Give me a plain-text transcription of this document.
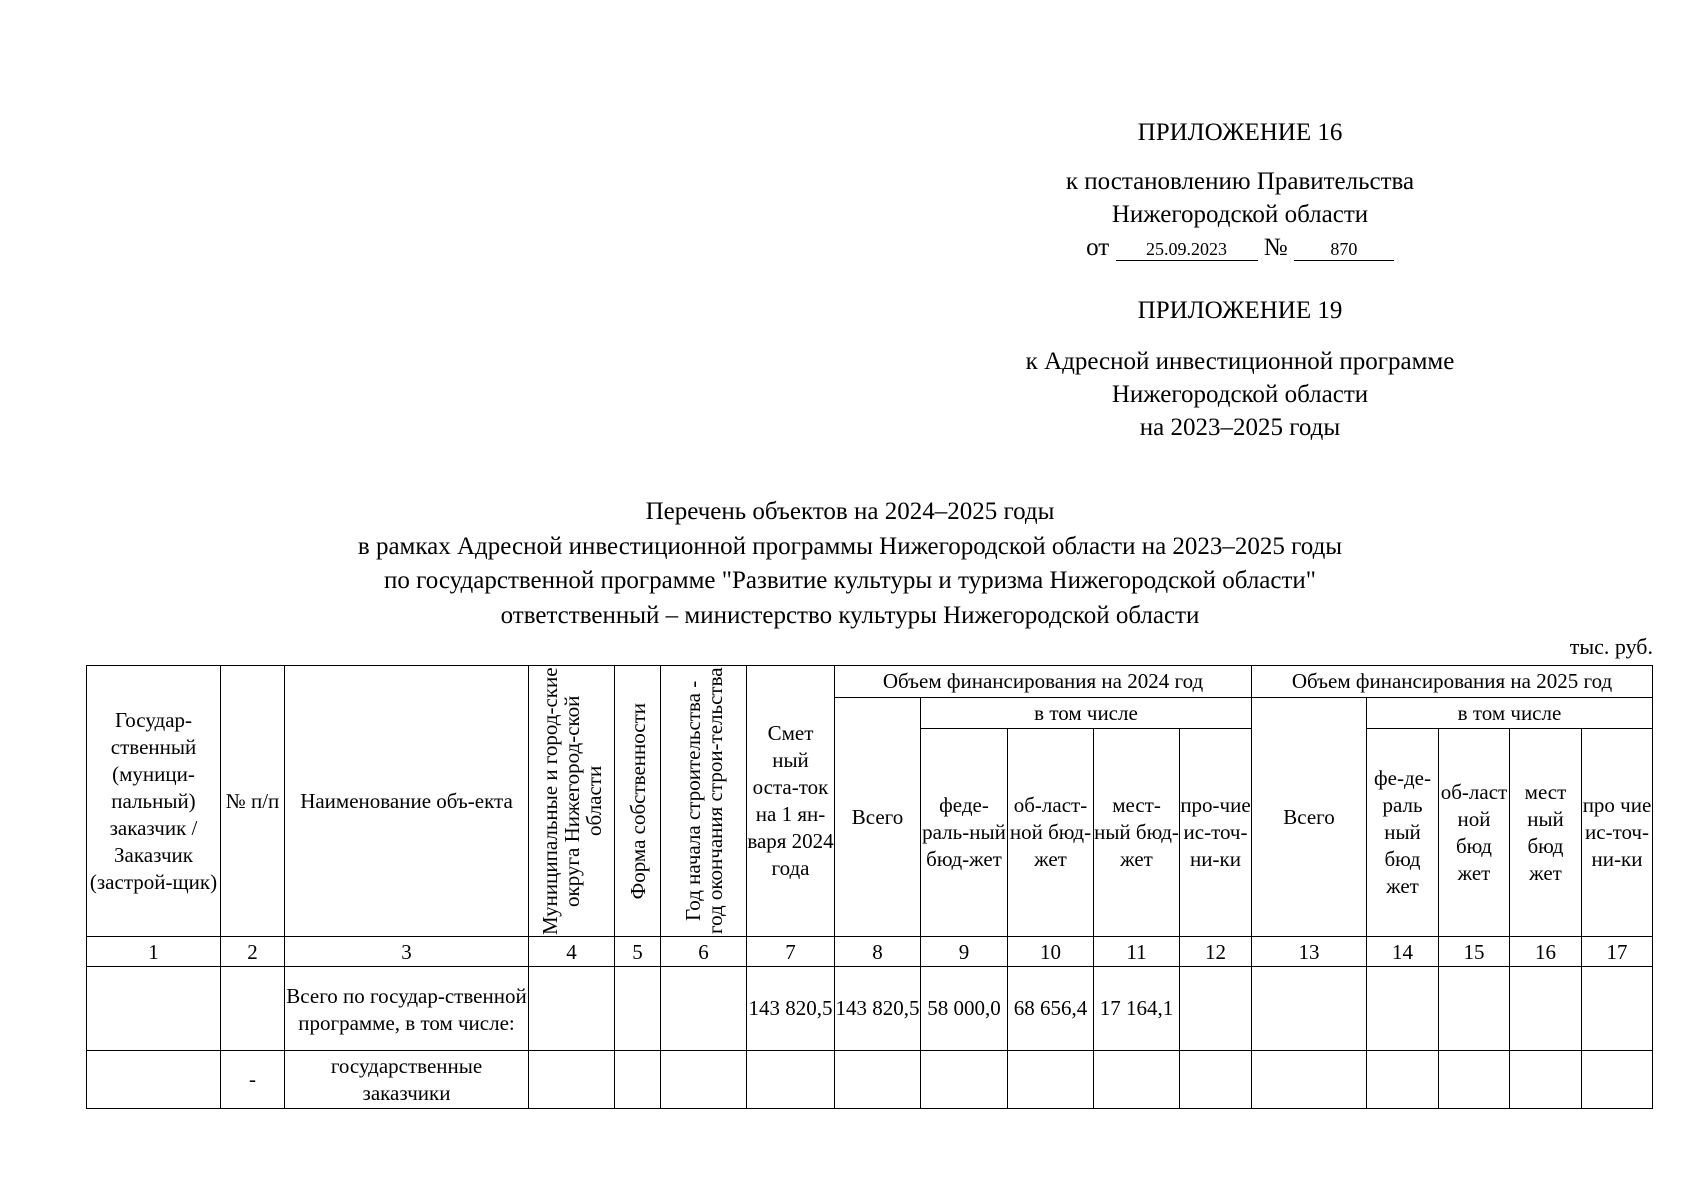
ПРИЛОЖЕНИЕ 16
к постановлению Правительства
Нижегородской области
от 25.09.2023 № 870
ПРИЛОЖЕНИЕ 19
к Адресной инвестиционной программе
Нижегородской области
на 2023–2025 годы
Перечень объектов на 2024–2025 годы
в рамках Адресной инвестиционной программы Нижегородской области на 2023–2025 годы
по государственной программе "Развитие культуры и туризма Нижегородской области"
ответственный – министерство культуры Нижегородской области
тыс. руб.
Государ-ственный (муници-пальный) заказчик / Заказчик (застрой-щик)	№ п/п	Наименование объ-екта	Муниципальные и город-ские округа Нижегород-ской области	Форма собственности	Год начала строительства - год окончания строи-тельства	Смет ный оста-ток на 1 ян-варя 2024 года	Объем финансирования на 2024 год					Объем финансирования на 2025 год				
							Всего	в том числе				Всего	в том числе			
								феде-раль-ный бюд-жет	об-ласт-ной бюд-жет	мест-ный бюд-жет	про-чие ис-точ-ни-ки		фе-де-раль ный бюд жет	об-ласт ной бюд жет	мест ный бюд жет	про чие ис-точ-ни-ки
1	2	3	4	5	6	7	8	9	10	11	12	13	14	15	16	17
		Всего по государ-ственной программе, в том числе:				143 820,5	143 820,5	58 000,0	68 656,4	17 164,1						
	-	государственные заказчики														
